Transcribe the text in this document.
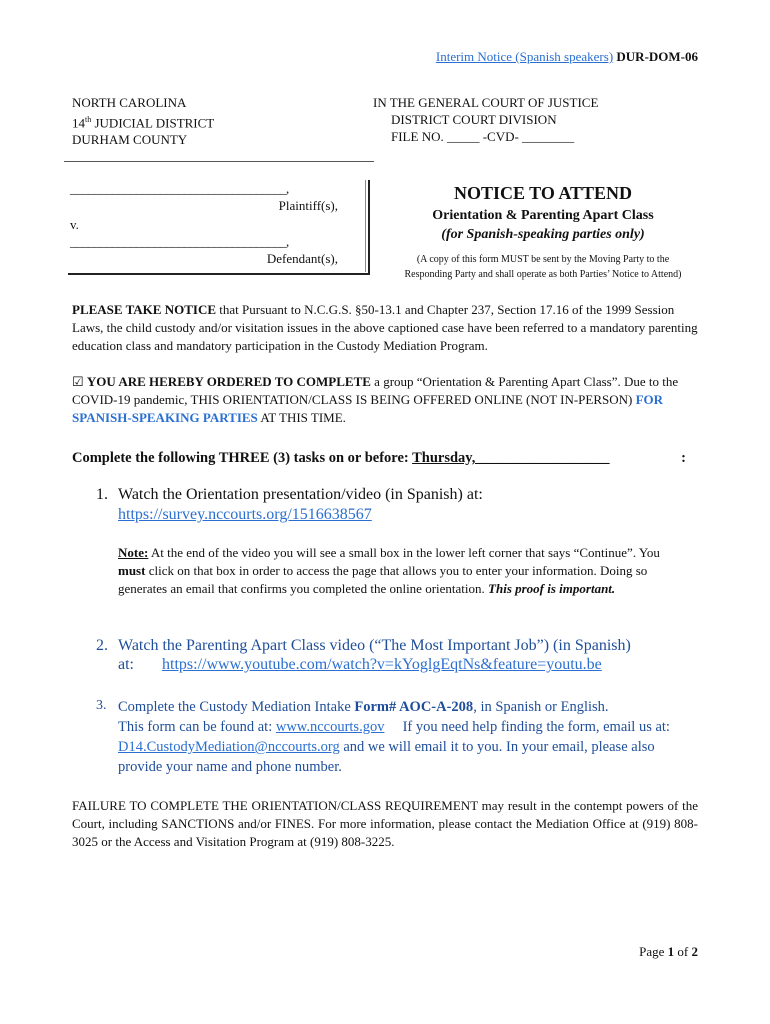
Interim Notice (Spanish speakers) DUR-DOM-06
NORTH CAROLINA
14th JUDICIAL DISTRICT
DURHAM COUNTY
IN THE GENERAL COURT OF JUSTICE
DISTRICT COURT DIVISION
FILE NO. _____ -CVD- ________
____________________________________,
Plaintiff(s),
v.
____________________________________,
Defendant(s),
NOTICE TO ATTEND
Orientation & Parenting Apart Class
(for Spanish-speaking parties only)
(A copy of this form MUST be sent by the Moving Party to the
Responding Party and shall operate as both Parties’ Notice to Attend)

PLEASE TAKE NOTICE that Pursuant to N.C.G.S. §50-13.1 and Chapter 237, Section 17.16 of the 1999 Session Laws, the child custody and/or visitation issues in the above captioned case have been referred to a mandatory parenting education class and mandatory participation in the Custody Mediation Program.

☑ YOU ARE HEREBY ORDERED TO COMPLETE a group “Orientation & Parenting Apart Class”. Due to the COVID-19 pandemic, THIS ORIENTATION/CLASS IS BEING OFFERED ONLINE (NOT IN-PERSON) FOR SPANISH-SPEAKING PARTIES AT THIS TIME.

Complete the following THREE (3) tasks on or before: Thursday, __________________	:
1. Watch the Orientation presentation/video (in Spanish) at:
https://survey.nccourts.org/1516638567

Note: At the end of the video you will see a small box in the lower left corner that says “Continue”. You must click on that box in order to access the page that allows you to enter your information. Doing so generates an email that confirms you completed the online orientation. This proof is important.

2. Watch the Parenting Apart Class video (“The Most Important Job”) (in Spanish)
at: https://www.youtube.com/watch?v=kYoglgEqtNs&feature=youtu.be
3. Complete the Custody Mediation Intake Form# AOC-A-208, in Spanish or English.
This form can be found at: www.nccourts.gov     If you need help finding the form, email us at: D14.CustodyMediation@nccourts.org and we will email it to you. In your email, please also provide your name and phone number.

FAILURE TO COMPLETE THE ORIENTATION/CLASS REQUIREMENT may result in the contempt powers of the Court, including SANCTIONS and/or FINES. For more information, please contact the Mediation Office at (919) 808-3025 or the Access and Visitation Program at (919) 808-3225.

Page 1 of 2
